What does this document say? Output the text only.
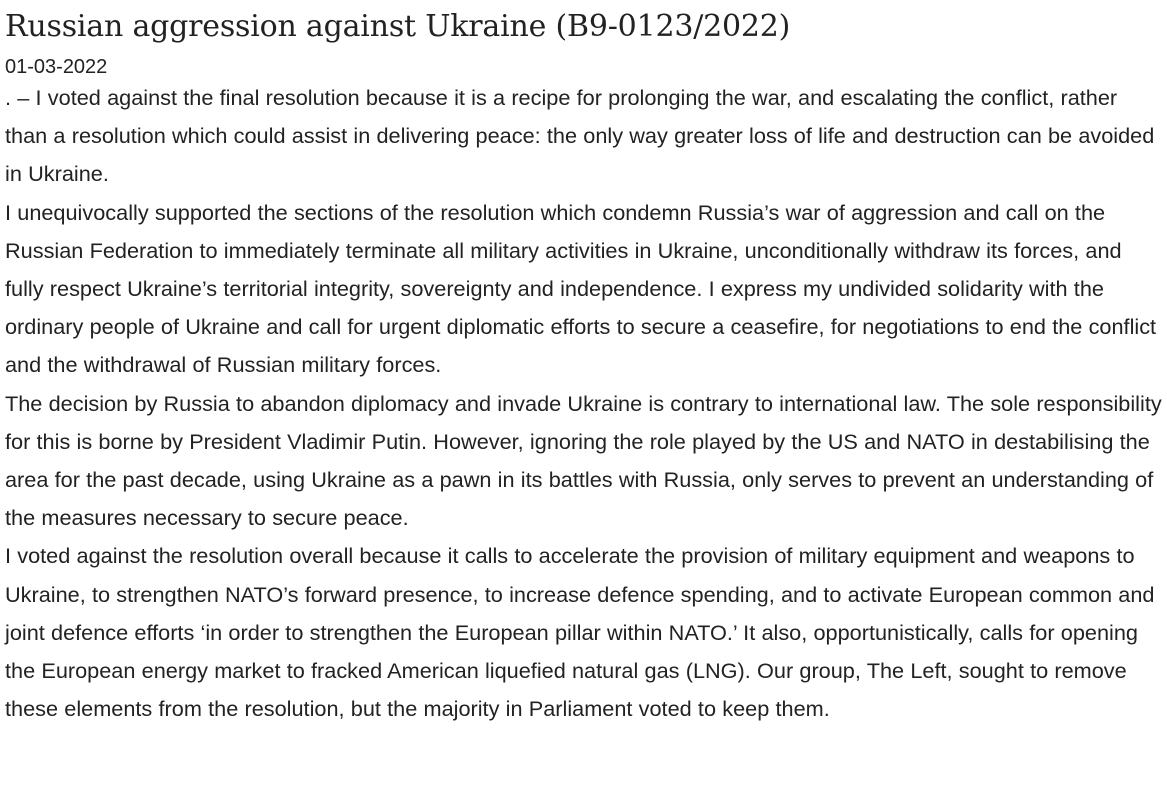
Russian aggression against Ukraine (B9-0123/2022)
01-03-2022

. – I voted against the final resolution because it is a recipe for prolonging the war, and escalating the conflict, rather than a resolution which could assist in delivering peace: the only way greater loss of life and destruction can be avoided in Ukraine.

I unequivocally supported the sections of the resolution which condemn Russia’s war of aggression and call on the Russian Federation to immediately terminate all military activities in Ukraine, unconditionally withdraw its forces, and fully respect Ukraine’s territorial integrity, sovereignty and independence. I express my undivided solidarity with the ordinary people of Ukraine and call for urgent diplomatic efforts to secure a ceasefire, for negotiations to end the conflict and the withdrawal of Russian military forces.

The decision by Russia to abandon diplomacy and invade Ukraine is contrary to international law. The sole responsibility for this is borne by President Vladimir Putin. However, ignoring the role played by the US and NATO in destabilising the area for the past decade, using Ukraine as a pawn in its battles with Russia, only serves to prevent an understanding of the measures necessary to secure peace.

I voted against the resolution overall because it calls to accelerate the provision of military equipment and weapons to Ukraine, to strengthen NATO’s forward presence, to increase defence spending, and to activate European common and joint defence efforts ‘in order to strengthen the European pillar within NATO.’ It also, opportunistically, calls for opening the European energy market to fracked American liquefied natural gas (LNG). Our group, The Left, sought to remove these elements from the resolution, but the majority in Parliament voted to keep them.
